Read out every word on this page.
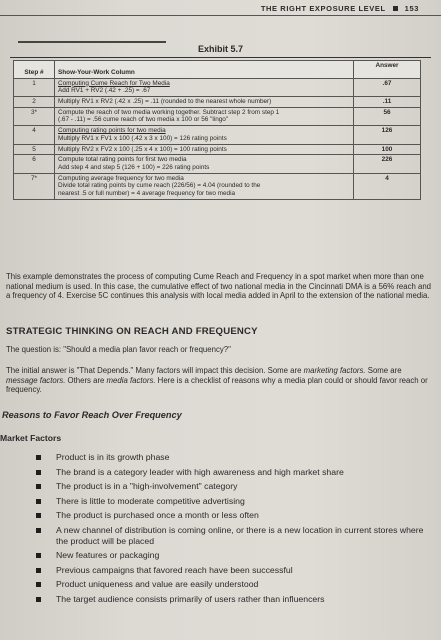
THE RIGHT EXPOSURE LEVEL	153
Exhibit 5.7
Step #	Show-Your-Work Column	Answer
1	Computing Cume Reach for Two Media
Add RV1 + RV2 (.42 + .25) = .67	.67
2	Multiply RV1 x RV2 (.42 x .25) = .11 (rounded to the nearest whole number)	.11
3*	Compute the reach of two media working together. Subtract step 2 from step 1
(.67 - .11) = .56 cume reach of two media x 100 or 56 "lingo"	56
4	Computing rating points for two media
Multiply RV1 x FV1 x 100 (.42 x 3 x 100) = 126 rating points	126
5	Multiply RV2 x FV2 x 100 (.25 x 4 x 100) = 100 rating points	100
6	Compute total rating points for first two media
Add step 4 and step 5 (126 + 100) = 226 rating points	226
7*	Computing average frequency for two media
Divide total rating points by cume reach (226/56) = 4.04 (rounded to the
nearest .5 or full number) = 4 average frequency for two media	4
This example demonstrates the process of computing Cume Reach and Frequency in a spot market when more than one national medium is used. In this case, the cumulative effect of two national media in the Cincinnati DMA is a 56% reach and a frequency of 4. Exercise 5C continues this analysis with local media added in April to the extension of the national media.
STRATEGIC THINKING ON REACH AND FREQUENCY
The question is: "Should a media plan favor reach or frequency?"
The initial answer is "That Depends." Many factors will impact this decision. Some are marketing factors. Some are message factors. Others are media factors. Here is a checklist of reasons why a media plan could or should favor reach or frequency.
Reasons to Favor Reach Over Frequency
Market Factors
Product is in its growth phase
The brand is a category leader with high awareness and high market share
The product is in a "high-involvement" category
There is little to moderate competitive advertising
The product is purchased once a month or less often
A new channel of distribution is coming online, or there is a new location in current stores where the product will be placed
New features or packaging
Previous campaigns that favored reach have been successful
Product uniqueness and value are easily understood
The target audience consists primarily of users rather than influencers
